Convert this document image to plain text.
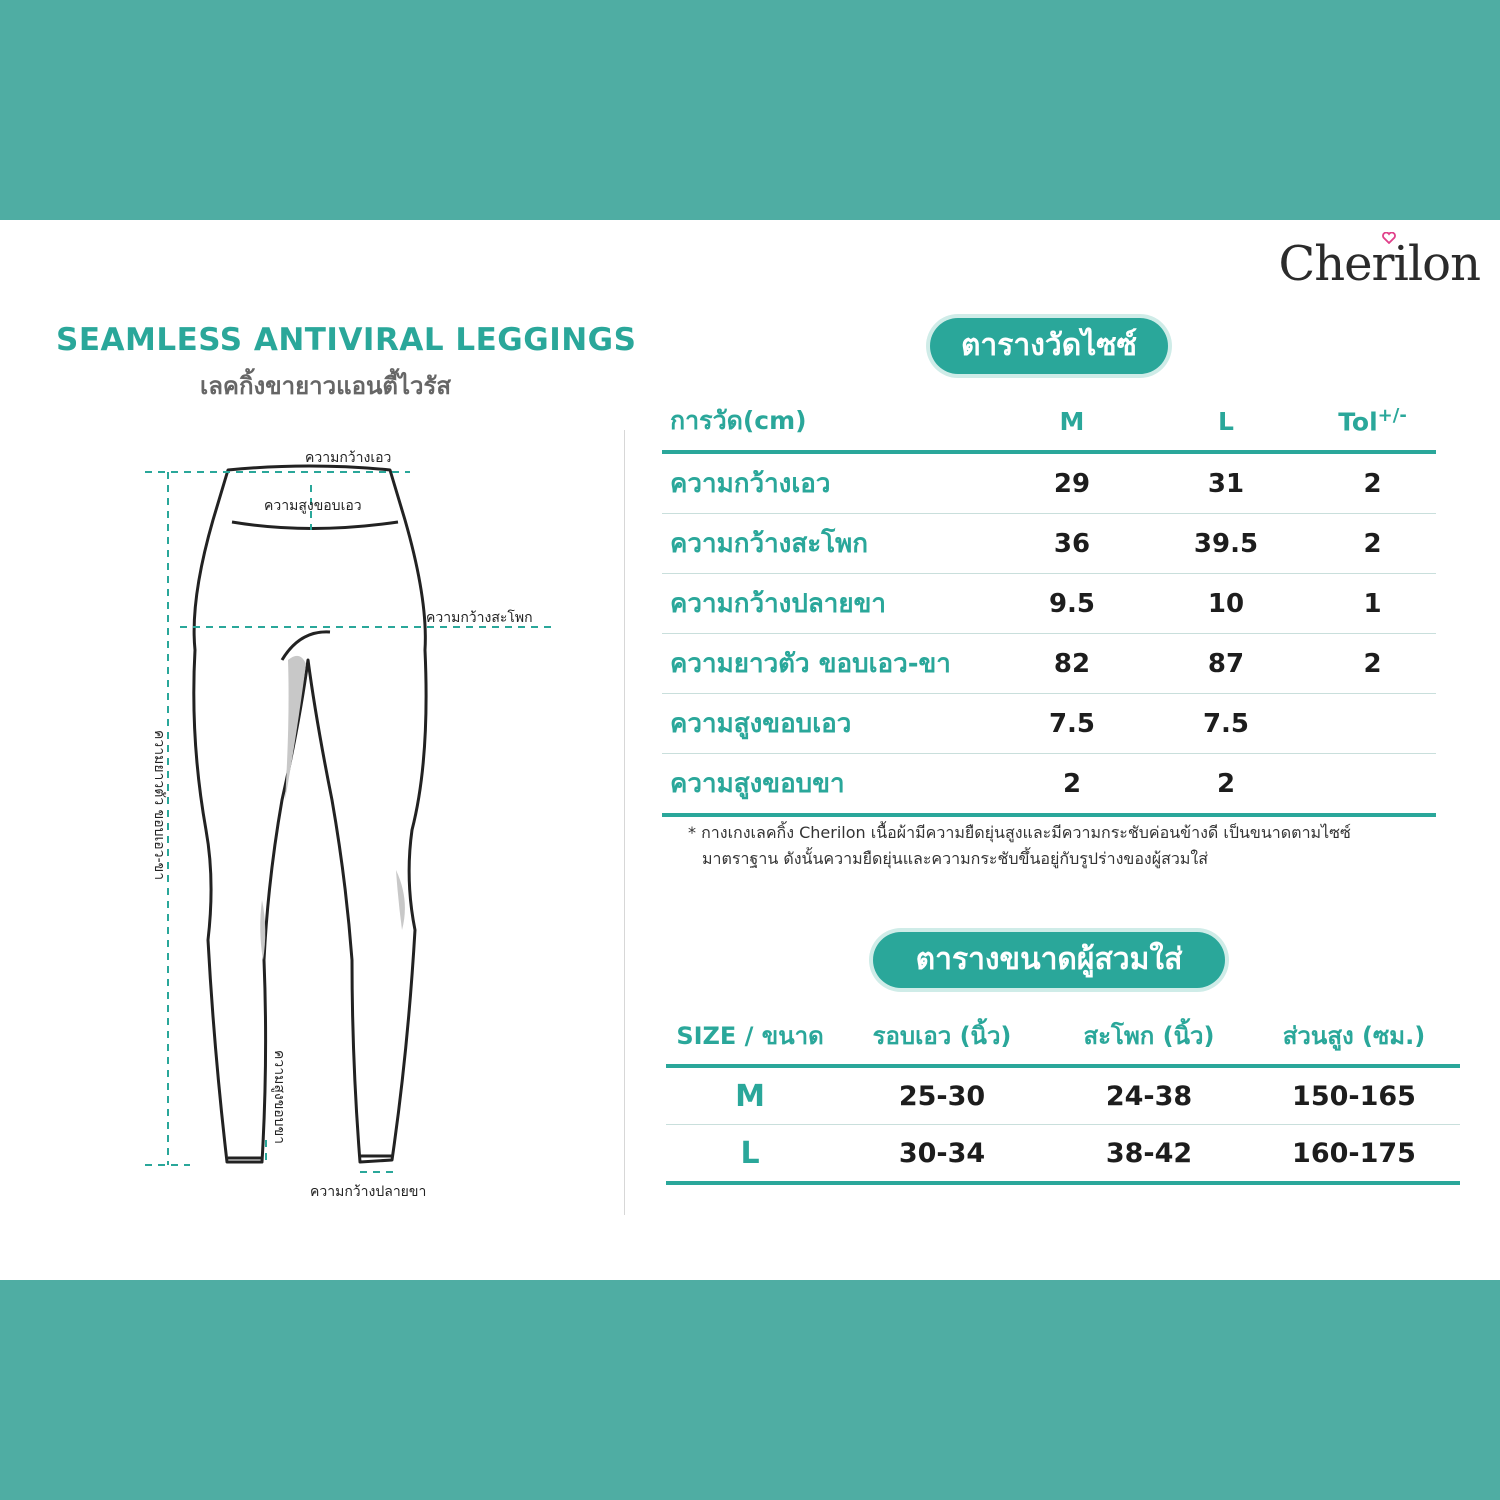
Cherilon
SEAMLESS ANTIVIRAL LEGGINGS
เลคกิ้งขายาวแอนตี้ไวรัส
ความกว้างเอว
ความสูงขอบเอว
ความกว้างสะโพก
ความยาวตัว ขอบเอว-ขา
ความสูงขอบขา
ความกว้างปลายขา
ตารางวัดไซซ์
การวัด(cm)	M	L	Tol+/-
ความกว้างเอว	29	31	2
ความกว้างสะโพก	36	39.5	2
ความกว้างปลายขา	9.5	10	1
ความยาวตัว ขอบเอว-ขา	82	87	2
ความสูงขอบเอว	7.5	7.5	
ความสูงขอบขา	2	2	
* กางเกงเลคกิ้ง Cherilon เนื้อผ้ามีความยืดยุ่นสูงและมีความกระชับค่อนข้างดี เป็นขนาดตามไซซ์
มาตราฐาน ดังนั้นความยืดยุ่นและความกระชับขึ้นอยู่กับรูปร่างของผู้สวมใส่
ตารางขนาดผู้สวมใส่
SIZE / ขนาด	รอบเอว (นิ้ว)	สะโพก (นิ้ว)	ส่วนสูง (ซม.)
M	25-30	24-38	150-165
L	30-34	38-42	160-175
